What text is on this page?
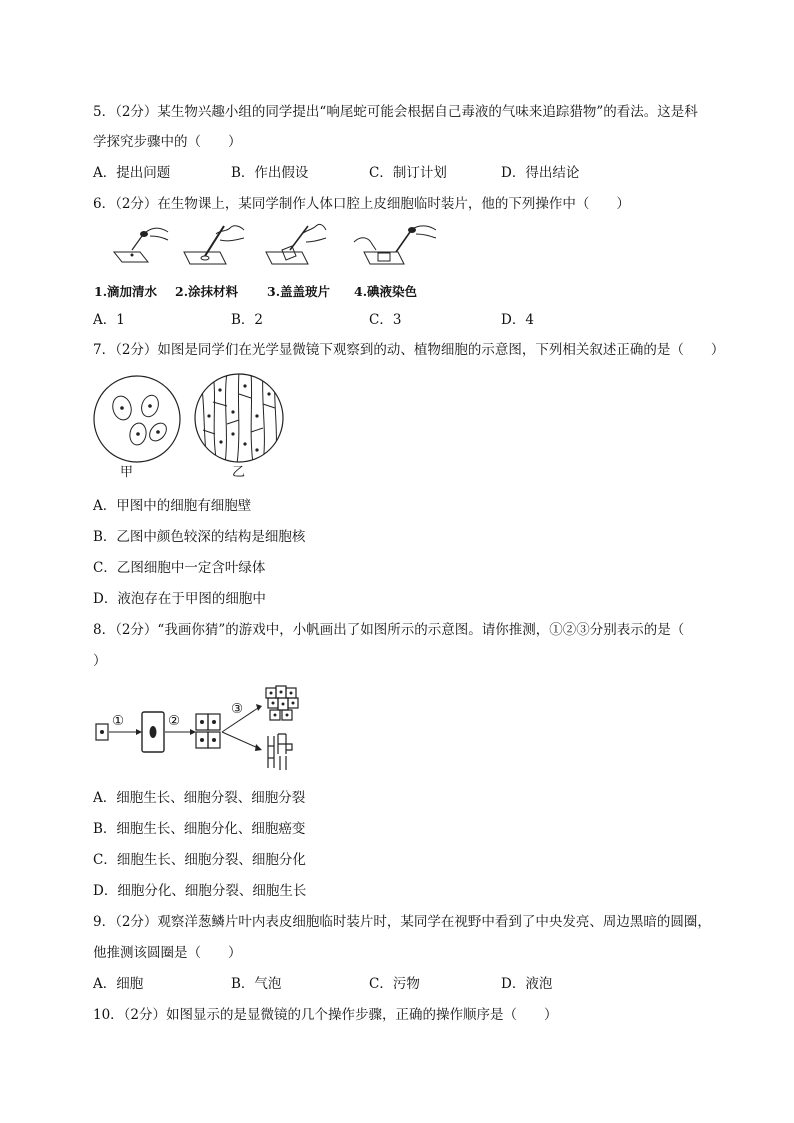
5．（2分）某生物兴趣小组的同学提出“响尾蛇可能会根据自己毒液的气味来追踪猎物”的看法。这是科
学探究步骤中的（　　）
A．提出问题	B．作出假设	C．制订计划	D．得出结论
6．（2分）在生物课上，某同学制作人体口腔上皮细胞临时装片，他的下列操作中（　　）
1.滴加清水 2.涂抹材料 3.盖盖玻片 4.碘液染色
A．1	B．2	C．3	D．4
7．（2分）如图是同学们在光学显微镜下观察到的动、植物细胞的示意图，下列相关叙述正确的是（　　）
甲	乙
A．甲图中的细胞有细胞壁
B．乙图中颜色较深的结构是细胞核
C．乙图细胞中一定含叶绿体
D．液泡存在于甲图的细胞中
8．（2分）“我画你猜”的游戏中，小帆画出了如图所示的示意图。请你推测，①②③分别表示的是（
）
①	②
③
A．细胞生长、细胞分裂、细胞分裂
B．细胞生长、细胞分化、细胞癌变
C．细胞生长、细胞分裂、细胞分化
D．细胞分化、细胞分裂、细胞生长
9．（2分）观察洋葱鳞片叶内表皮细胞临时装片时，某同学在视野中看到了中央发亮、周边黑暗的圆圈，
他推测该圆圈是（　　）
A．细胞	B．气泡	C．污物	D．液泡
10．（2分）如图显示的是显微镜的几个操作步骤，正确的操作顺序是（　　）
